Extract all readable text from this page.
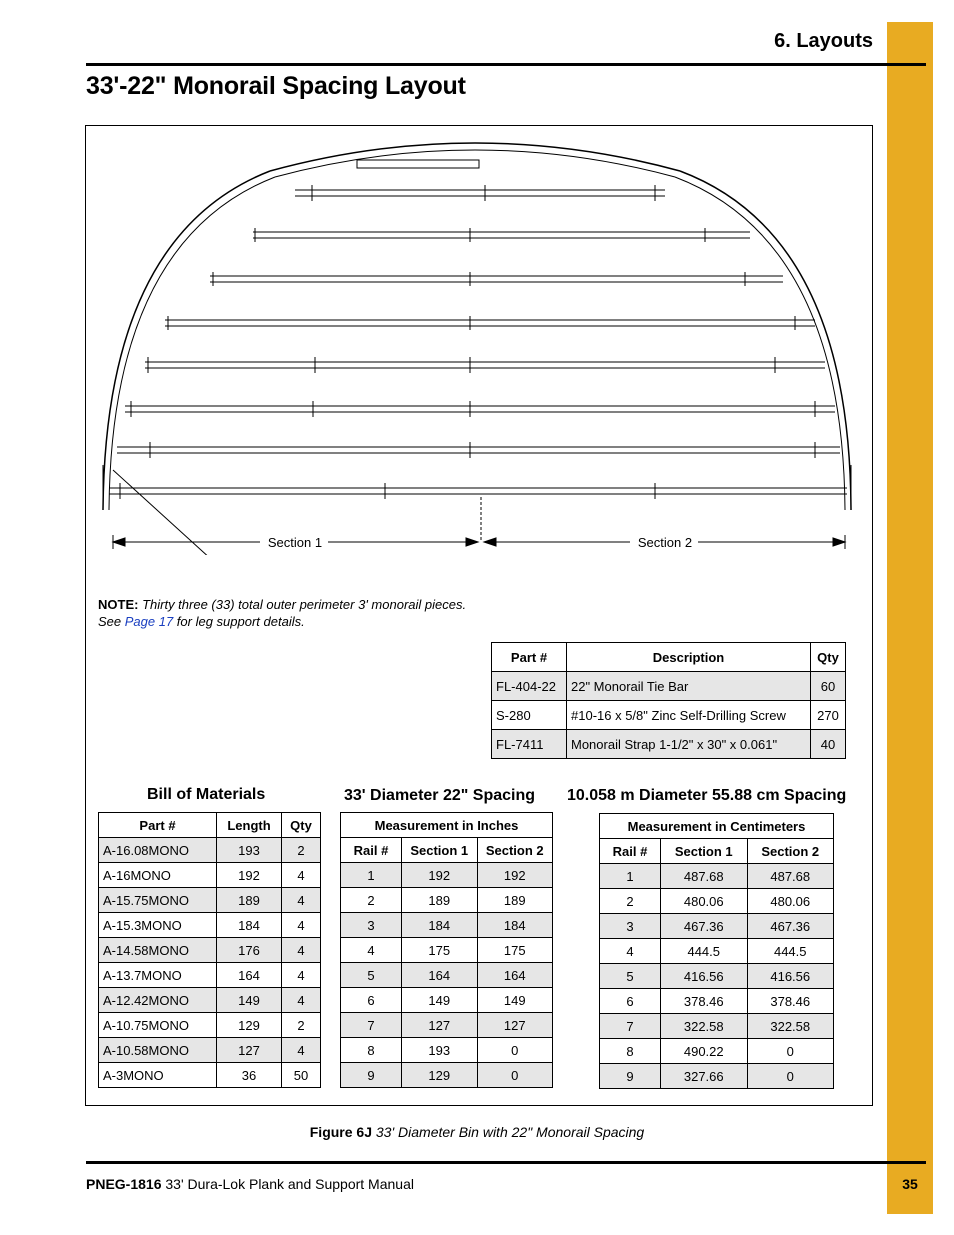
6. Layouts
33'-22" Monorail Spacing Layout
Section 1	Section 2
NOTE: Thirty three (33) total outer perimeter 3' monorail pieces. See Page 17 for leg support details.
Part #	Description	Qty
FL-404-22	22" Monorail Tie Bar	60
S-280	#10-16 x 5/8" Zinc Self-Drilling Screw	270
FL-7411	Monorail Strap 1-1/2" x 30" x 0.061"	40
Bill of Materials	33' Diameter 22" Spacing 10.058 m Diameter 55.88 cm Spacing
Part #	Length	Qty
A-16.08MONO	193	2
A-16MONO	192	4
A-15.75MONO	189	4
A-15.3MONO	184	4
A-14.58MONO	176	4
A-13.7MONO	164	4
A-12.42MONO	149	4
A-10.75MONO	129	2
A-10.58MONO	127	4
A-3MONO	36	50
Measurement in Inches		
Rail #	Section 1	Section 2
1	192	192
2	189	189
3	184	184
4	175	175
5	164	164
6	149	149
7	127	127
8	193	0
9	129	0
Measurement in Centimeters		
Rail #	Section 1	Section 2
1	487.68	487.68
2	480.06	480.06
3	467.36	467.36
4	444.5	444.5
5	416.56	416.56
6	378.46	378.46
7	322.58	322.58
8	490.22	0
9	327.66	0
Figure 6J 33' Diameter Bin with 22" Monorail Spacing
PNEG-1816 33' Dura-Lok Plank and Support Manual	35
